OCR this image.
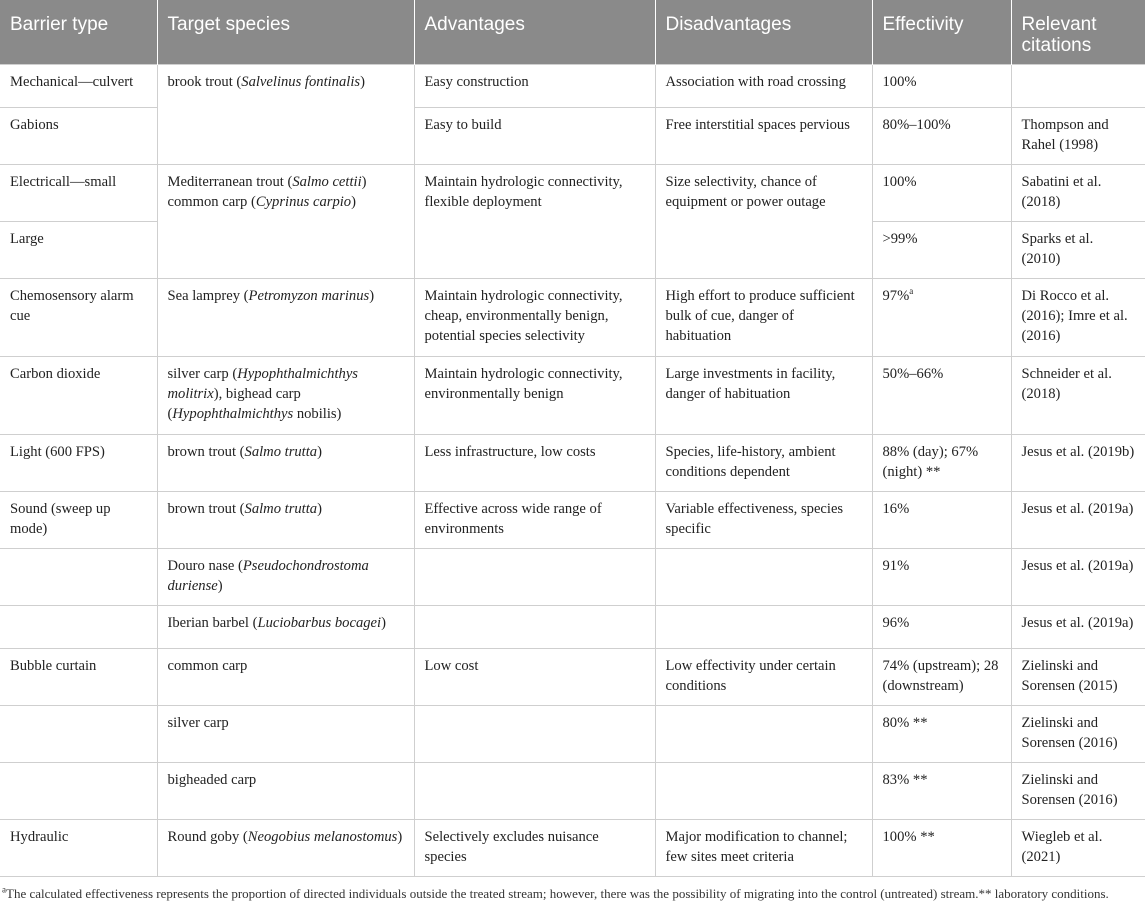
Barrier type	Target species	Advantages	Disadvantages	Effectivity	Relevant citations
Mechanical—culvert	brook trout (Salvelinus fontinalis)	Easy construction	Association with road crossing	100%	
Gabions		Easy to build	Free interstitial spaces pervious	80%–100%	Thompson and Rahel (1998)
Electricall—small	Mediterranean trout (Salmo cettii) common carp (Cyprinus carpio)	Maintain hydrologic connectivity, flexible deployment	Size selectivity, chance of equipment or power outage	100%	Sabatini et al. (2018)
Large				>99%	Sparks et al. (2010)
Chemosensory alarm cue	Sea lamprey (Petromyzon marinus)	Maintain hydrologic connectivity, cheap, environmentally benign, potential species selectivity	High effort to produce sufficient bulk of cue, danger of habituation	97%$^a$	Di Rocco et al. (2016); Imre et al. (2016)
Carbon dioxide	silver carp (Hypophthalmichthys molitrix), bighead carp (Hypophthalmichthys nobilis)	Maintain hydrologic connectivity, environmentally benign	Large investments in facility, danger of habituation	50%–66%	Schneider et al. (2018)
Light (600 FPS)	brown trout (Salmo trutta)	Less infrastructure, low costs	Species, life-history, ambient conditions dependent	88% (day); 67% (night) **	Jesus et al. (2019b)
Sound (sweep up mode)	brown trout (Salmo trutta)	Effective across wide range of environments	Variable effectiveness, species specific	16%	Jesus et al. (2019a)
	Douro nase (Pseudochondrostoma duriense)			91%	Jesus et al. (2019a)
	Iberian barbel (Luciobarbus bocagei)			96%	Jesus et al. (2019a)
Bubble curtain	common carp	Low cost	Low effectivity under certain conditions	74% (upstream); 28 (downstream)	Zielinski and Sorensen (2015)
	silver carp			80% **	Zielinski and Sorensen (2016)
	bigheaded carp			83% **	Zielinski and Sorensen (2016)
Hydraulic	Round goby (Neogobius melanostomus)	Selectively excludes nuisance species	Major modification to channel; few sites meet criteria	100% **	Wiegleb et al. (2021)
$^a$The calculated effectiveness represents the proportion of directed individuals outside the treated stream; however, there was the possibility of migrating into the control (untreated) stream.** laboratory conditions.
